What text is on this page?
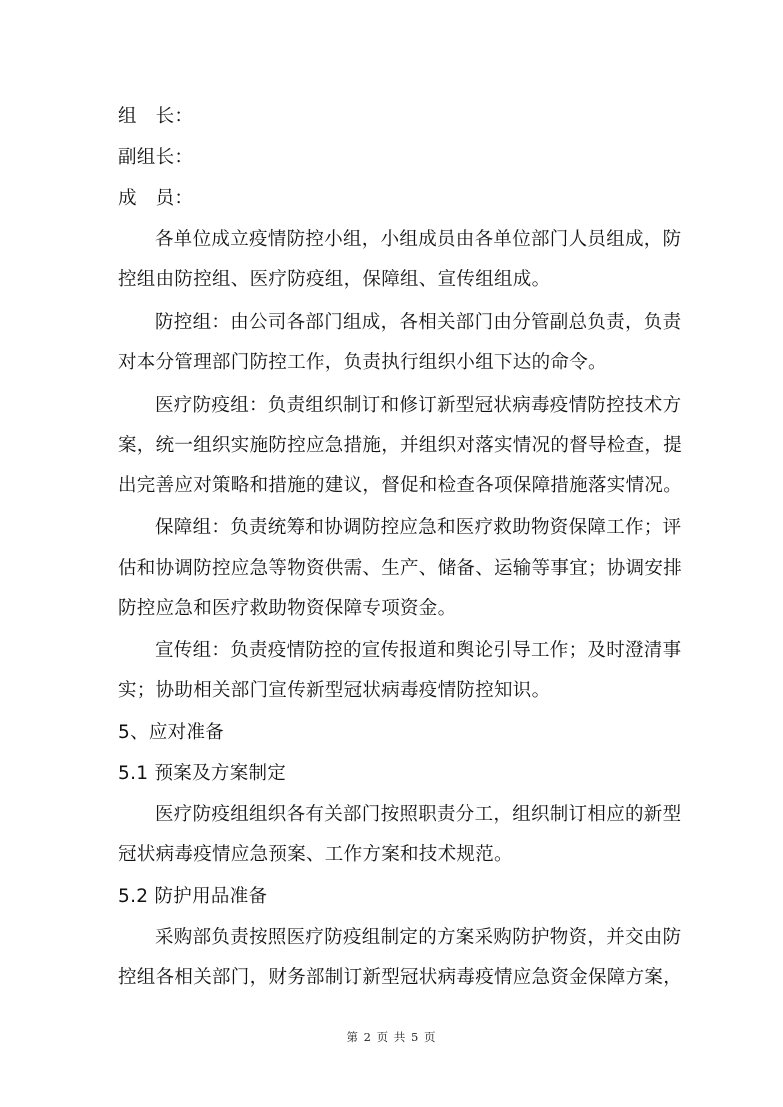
组　长：
副组长：
成　员：
各单位成立疫情防控小组，小组成员由各单位部门人员组成，防
控组由防控组、医疗防疫组，保障组、宣传组组成。
防控组：由公司各部门组成，各相关部门由分管副总负责，负责
对本分管理部门防控工作，负责执行组织小组下达的命令。
医疗防疫组：负责组织制订和修订新型冠状病毒疫情防控技术方
案，统一组织实施防控应急措施，并组织对落实情况的督导检查，提
出完善应对策略和措施的建议，督促和检查各项保障措施落实情况。
保障组：负责统筹和协调防控应急和医疗救助物资保障工作；评
估和协调防控应急等物资供需、生产、储备、运输等事宜；协调安排
防控应急和医疗救助物资保障专项资金。
宣传组：负责疫情防控的宣传报道和舆论引导工作；及时澄清事
实；协助相关部门宣传新型冠状病毒疫情防控知识。
5、应对准备
5.1 预案及方案制定
医疗防疫组组织各有关部门按照职责分工，组织制订相应的新型
冠状病毒疫情应急预案、工作方案和技术规范。
5.2 防护用品准备
采购部负责按照医疗防疫组制定的方案采购防护物资，并交由防
控组各相关部门，财务部制订新型冠状病毒疫情应急资金保障方案，
第 2 页 共 5 页
